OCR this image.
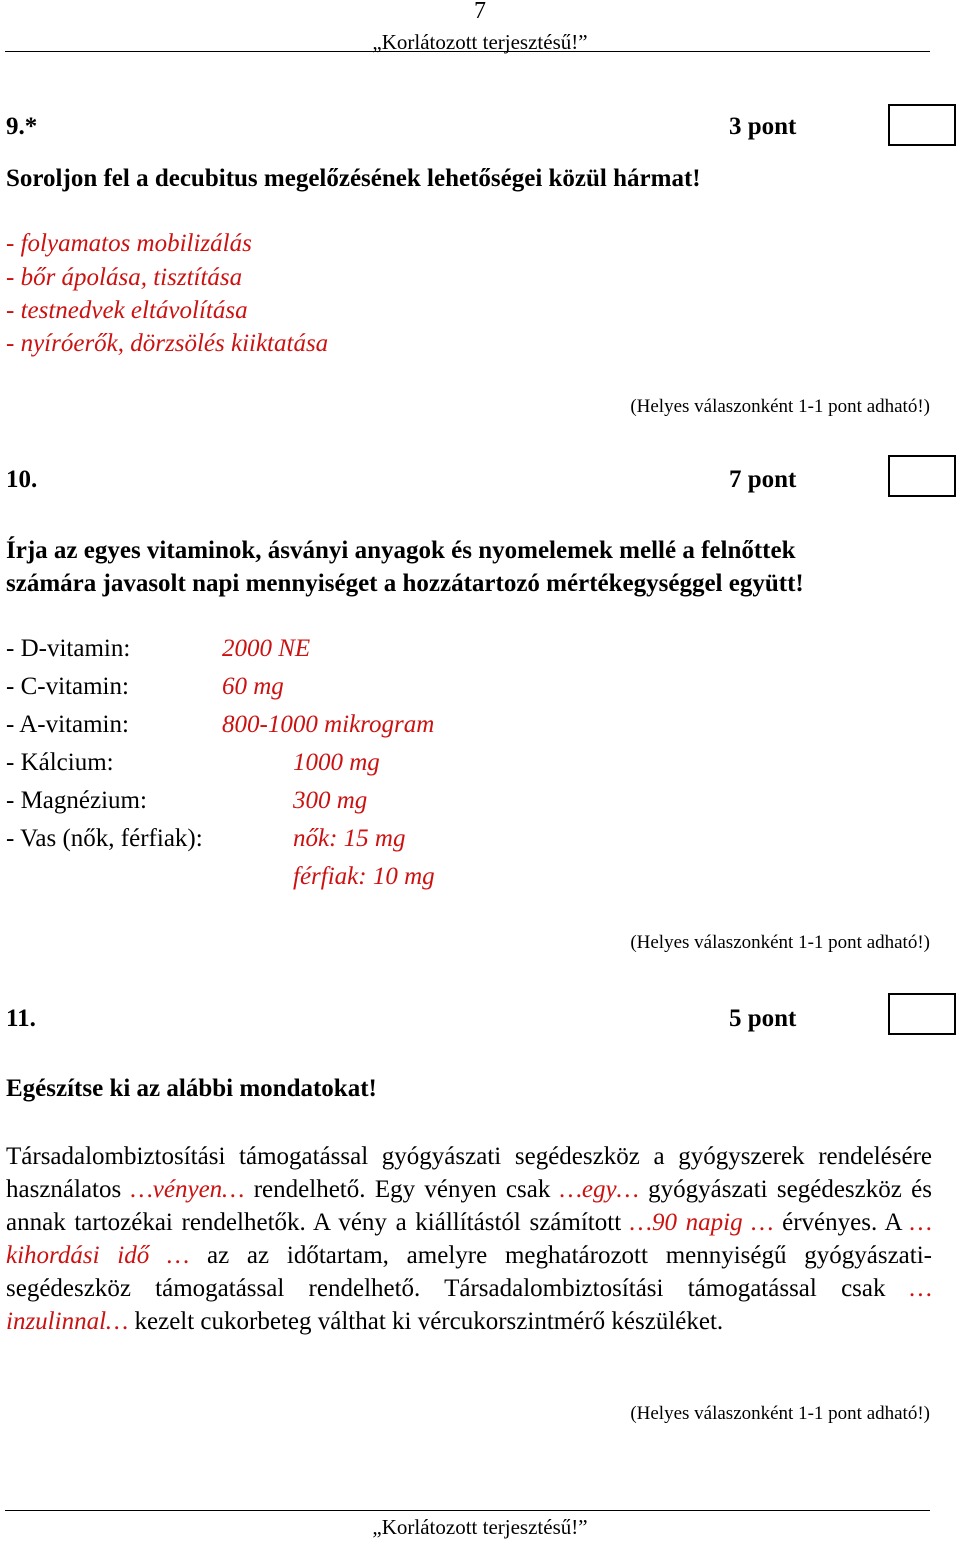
7
„Korlátozott terjesztésű!”
9.*	3 pont
Soroljon fel a decubitus megelőzésének lehetőségei közül hármat!
- folyamatos mobilizálás
- bőr ápolása, tisztítása
- testnedvek eltávolítása
- nyíróerők, dörzsölés kiiktatása
(Helyes válaszonként 1-1 pont adható!)
10.	7 pont
Írja az egyes vitaminok, ásványi anyagok és nyomelemek mellé a felnőttek
számára javasolt napi mennyiséget a hozzátartozó mértékegységgel együtt!
- D-vitamin:	2000 NE
- C-vitamin:	60 mg
- A-vitamin:	800-1000 mikrogram
- Kálcium:	1000 mg
- Magnézium:	300 mg
- Vas (nők, férfiak):	nők: 15 mg
férfiak: 10 mg
(Helyes válaszonként 1-1 pont adható!)
11.	5 pont
Egészítse ki az alábbi mondatokat!
Társadalombiztosítási támogatással gyógyászati segédeszköz a gyógyszerek rendelésére használatos …vényen… rendelhető. Egy vényen csak …egy… gyógyászati segédeszköz és annak tartozékai rendelhetők. A vény a kiállítástól számított …90 napig … érvényes. A …kihordási idő … az az időtartam, amelyre meghatározott mennyiségű gyógyászati-segédeszköz támogatással rendelhető. Társadalombiztosítási támogatással csak …inzulinnal… kezelt cukorbeteg válthat ki vércukorszintmérő készüléket.
(Helyes válaszonként 1-1 pont adható!)
„Korlátozott terjesztésű!”
